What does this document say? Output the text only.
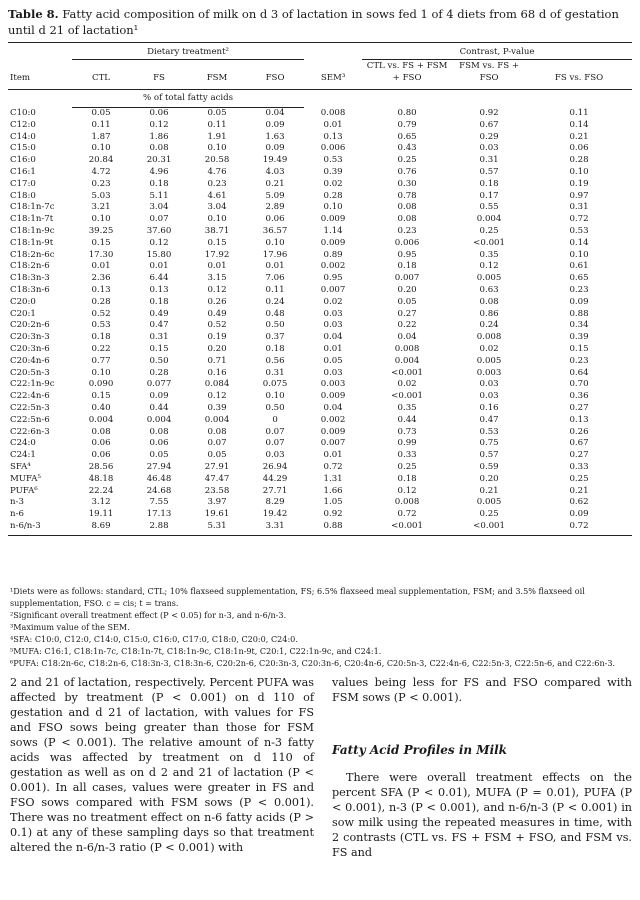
Table 8. Fatty acid composition of milk on d 3 of lactation in sows fed 1 of 4 diets from 68 d of gestation until d 21 of lactation¹
	Dietary treatment²					Contrast, P-value		
Item	CTL	FS	FSM	FSO	SEM³	CTL vs. FS + FSM + FSO	FSM vs. FS + FSO	FS vs. FSO
	% of total fatty acids							
C10:0	0.05	0.06	0.05	0.04	0.008	0.80	0.92	0.11
C12:0	0.11	0.12	0.11	0.09	0.01	0.79	0.67	0.14
C14:0	1.87	1.86	1.91	1.63	0.13	0.65	0.29	0.21
C15:0	0.10	0.08	0.10	0.09	0.006	0.43	0.03	0.06
C16:0	20.84	20.31	20.58	19.49	0.53	0.25	0.31	0.28
C16:1	4.72	4.96	4.76	4.03	0.39	0.76	0.57	0.10
C17:0	0.23	0.18	0.23	0.21	0.02	0.30	0.18	0.19
C18:0	5.03	5.11	4.61	5.09	0.28	0.78	0.17	0.97
C18:1n-7c	3.21	3.04	3.04	2.89	0.10	0.08	0.55	0.31
C18:1n-7t	0.10	0.07	0.10	0.06	0.009	0.08	0.004	0.72
C18:1n-9c	39.25	37.60	38.71	36.57	1.14	0.23	0.25	0.53
C18:1n-9t	0.15	0.12	0.15	0.10	0.009	0.006	<0.001	0.14
C18:2n-6c	17.30	15.80	17.92	17.96	0.89	0.95	0.35	0.10
C18:2n-6	0.01	0.01	0.01	0.01	0.002	0.18	0.12	0.61
C18:3n-3	2.36	6.44	3.15	7.06	0.95	0.007	0.005	0.65
C18:3n-6	0.13	0.13	0.12	0.11	0.007	0.20	0.63	0.23
C20:0	0.28	0.18	0.26	0.24	0.02	0.05	0.08	0.09
C20:1	0.52	0.49	0.49	0.48	0.03	0.27	0.86	0.88
C20:2n-6	0.53	0.47	0.52	0.50	0.03	0.22	0.24	0.34
C20:3n-3	0.18	0.31	0.19	0.37	0.04	0.04	0.008	0.39
C20:3n-6	0.22	0.15	0.20	0.18	0.01	0.008	0.02	0.15
C20:4n-6	0.77	0.50	0.71	0.56	0.05	0.004	0.005	0.23
C20:5n-3	0.10	0.28	0.16	0.31	0.03	<0.001	0.003	0.64
C22:1n-9c	0.090	0.077	0.084	0.075	0.003	0.02	0.03	0.70
C22:4n-6	0.15	0.09	0.12	0.10	0.009	<0.001	0.03	0.36
C22:5n-3	0.40	0.44	0.39	0.50	0.04	0.35	0.16	0.27
C22:5n-6	0.004	0.004	0.004	0	0.002	0.44	0.47	0.13
C22:6n-3	0.08	0.08	0.08	0.07	0.009	0.73	0.53	0.26
C24:0	0.06	0.06	0.07	0.07	0.007	0.99	0.75	0.67
C24:1	0.06	0.05	0.05	0.03	0.01	0.33	0.57	0.27
SFA⁴	28.56	27.94	27.91	26.94	0.72	0.25	0.59	0.33
MUFA⁵	48.18	46.48	47.47	44.29	1.31	0.18	0.20	0.25
PUFA⁶	22.24	24.68	23.58	27.71	1.66	0.12	0.21	0.21
n-3	3.12	7.55	3.97	8.29	1.05	0.008	0.005	0.62
n-6	19.11	17.13	19.61	19.42	0.92	0.72	0.25	0.09
n-6/n-3	8.69	2.88	5.31	3.31	0.88	<0.001	<0.001	0.72

¹Diets were as follows: standard, CTL; 10% flaxseed supplementation, FS; 6.5% flaxseed meal supplementation, FSM; and 3.5% flaxseed oil supplementation, FSO. c = cis; t = trans.

²Significant overall treatment effect (P < 0.05) for n-3, and n-6/n-3.

³Maximum value of the SEM.

⁴SFA: C10:0, C12:0, C14:0, C15:0, C16:0, C17:0, C18:0, C20:0, C24:0.

⁵MUFA: C16:1, C18:1n-7c, C18:1n-7t, C18:1n-9c, C18:1n-9t, C20:1, C22:1n-9c, and C24:1.

⁶PUFA: C18:2n-6c, C18:2n-6, C18:3n-3, C18:3n-6, C20:2n-6, C20:3n-3, C20:3n-6, C20:4n-6, C20:5n-3, C22:4n-6, C22:5n-3, C22:5n-6, and C22:6n-3.

2 and 21 of lactation, respectively. Percent PUFA was affected by treatment (P < 0.001) on d 110 of gestation and d 21 of lactation, with values for FS and FSO sows being greater than those for FSM sows (P < 0.001). The relative amount of n-3 fatty acids was affected by treatment on d 110 of gestation as well as on d 2 and 21 of lactation (P < 0.001). In all cases, values were greater in FS and FSO sows compared with FSM sows (P < 0.001). There was no treatment effect on n-6 fatty acids (P > 0.1) at any of these sampling days so that treatment altered the n-6/n-3 ratio (P < 0.001) with

values being less for FS and FSO compared with FSM sows (P < 0.001).

Fatty Acid Profiles in Milk

There were overall treatment effects on the percent SFA (P < 0.01), MUFA (P = 0.01), PUFA (P < 0.001), n-3 (P < 0.001), and n-6/n-3 (P < 0.001) in sow milk using the repeated measures in time, with 2 contrasts (CTL vs. FS + FSM + FSO, and FSM vs. FS and
